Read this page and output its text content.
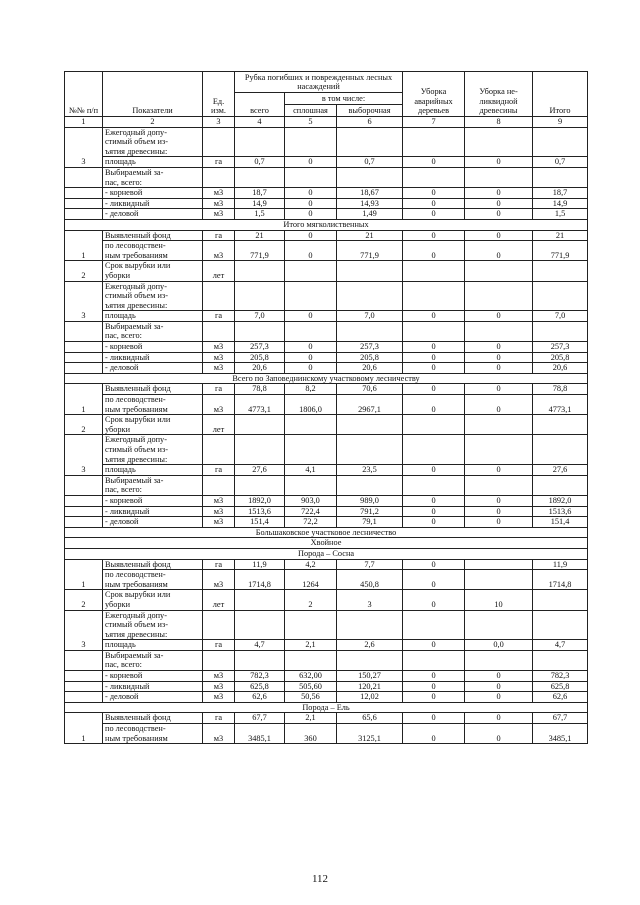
№№ п/п	Показатели	Ед. изм.	Рубка погибших и поврежденных лесных насаждений			Уборка аварийных деревьев	Уборка не- ликвидной древесины	Итого
			всего	в том числе:				
				сплошная	выборочная			
1	2	3	4	5	6	7	8	9
3	Ежегодный допу-
стимый объем из-
ъятия древесины:							
	площадь	га	0,7	0	0,7	0	0	0,7
	Выбираемый за-
пас, всего:							
	- корневой	м3	18,7	0	18,67	0	0	18,7
	- ликвидный	м3	14,9	0	14,93	0	0	14,9
	- деловой	м3	1,5	0	1,49	0	0	1,5
Итого мягколиственных								
1	Выявленный фонд	га	21	0	21	0	0	21
	по лесоводствен-
ным требованиям	м3	771,9	0	771,9	0	0	771,9
2	Срок вырубки или
уборки	лет						
3	Ежегодный допу-
стимый объем из-
ъятия древесины:							
	площадь	га	7,0	0	7,0	0	0	7,0
	Выбираемый за-
пас, всего:							
	- корневой	м3	257,3	0	257,3	0	0	257,3
	- ликвидный	м3	205,8	0	205,8	0	0	205,8
	- деловой	м3	20,6	0	20,6	0	0	20,6
Всего по Заповеднинскому участковому лесничеству								
1	Выявленный фонд	га	78,8	8,2	70,6	0	0	78,8
	по лесоводствен-
ным требованиям	м3	4773,1	1806,0	2967,1	0	0	4773,1
2	Срок вырубки или
уборки	лет						
3	Ежегодный допу-
стимый объем из-
ъятия древесины:							
	площадь	га	27,6	4,1	23,5	0	0	27,6
	Выбираемый за-
пас, всего:							
	- корневой	м3	1892,0	903,0	989,0	0	0	1892,0
	- ликвидный	м3	1513,6	722,4	791,2	0	0	1513,6
	- деловой	м3	151,4	72,2	79,1	0	0	151,4
Большаковское участковое лесничество								
Хвойное								
Порода – Сосна								
1	Выявленный фонд	га	11,9	4,2	7,7	0		11,9
	по лесоводствен-
ным требованиям	м3	1714,8	1264	450,8	0		1714,8
2	Срок вырубки или
уборки	лет		2	3	0	10	
3	Ежегодный допу-
стимый объем из-
ъятия древесины:							
	площадь	га	4,7	2,1	2,6	0	0,0	4,7
	Выбираемый за-
пас, всего:							
	- корневой	м3	782,3	632,00	150,27	0	0	782,3
	- ликвидный	м3	625,8	505,60	120,21	0	0	625,8
	- деловой	м3	62,6	50,56	12,02	0	0	62,6
Порода – Ель								
1	Выявленный фонд	га	67,7	2,1	65,6	0	0	67,7
	по лесоводствен-
ным требованиям	м3	3485,1	360	3125,1	0	0	3485,1
112
